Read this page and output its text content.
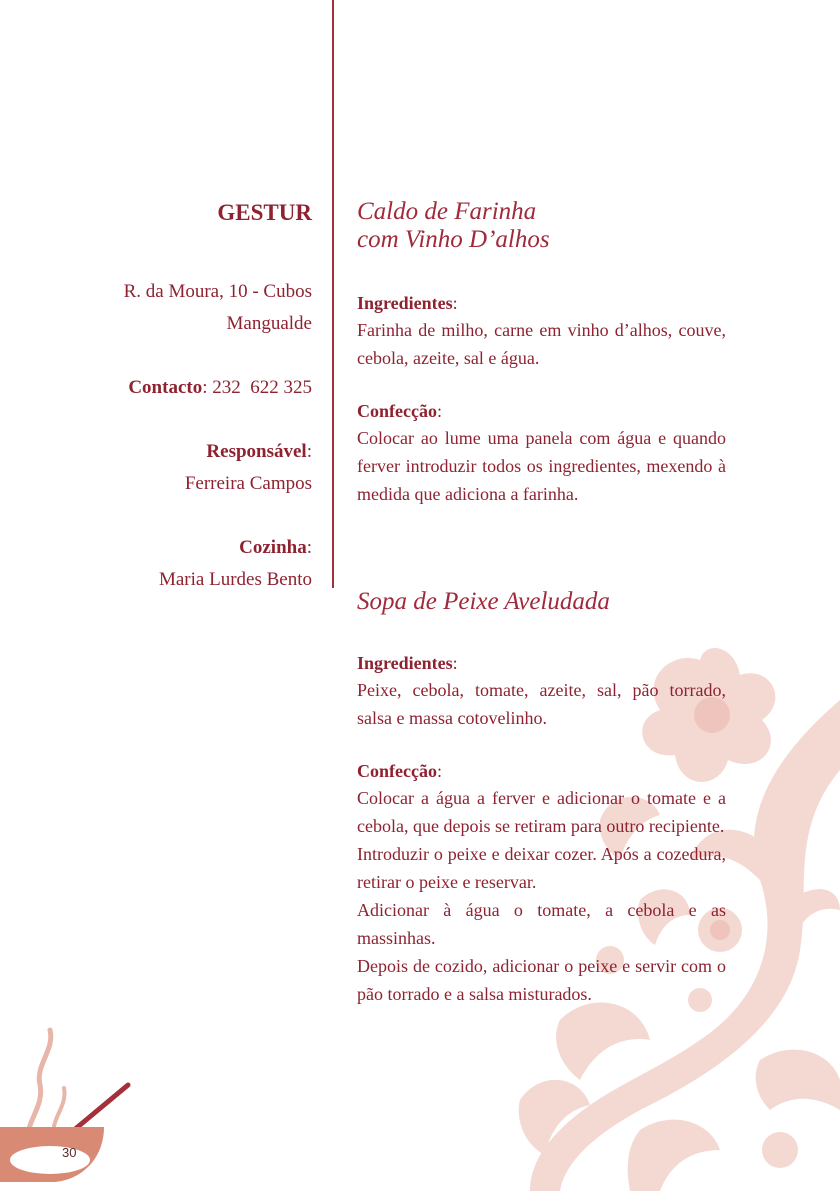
GESTUR

R. da Moura, 10 - Cubos

Mangualde

Contacto: 232  622 325

Responsável:

Ferreira Campos

Cozinha:

Maria Lurdes Bento

Caldo de Farinha

com Vinho D’alhos

Ingredientes:

Farinha de milho, carne em vinho d’alhos, couve, cebola, azeite, sal e água.

Confecção:

Colocar ao lume uma panela com água e quando ferver introduzir todos os ingredientes, mexendo à medida que adiciona a farinha.

Sopa de Peixe Aveludada

Ingredientes:

Peixe, cebola, tomate, azeite, sal, pão torrado, salsa e massa cotovelinho.

Confecção:

Colocar a água a ferver e adicionar o tomate e a cebola, que depois se retiram para outro recipiente.

Introduzir o peixe e deixar cozer. Após a cozedura, retirar o peixe e reservar.

Adicionar à água o tomate, a cebola e as massinhas.

Depois de cozido, adicionar o peixe e servir com o pão torrado e a salsa misturados.

30
